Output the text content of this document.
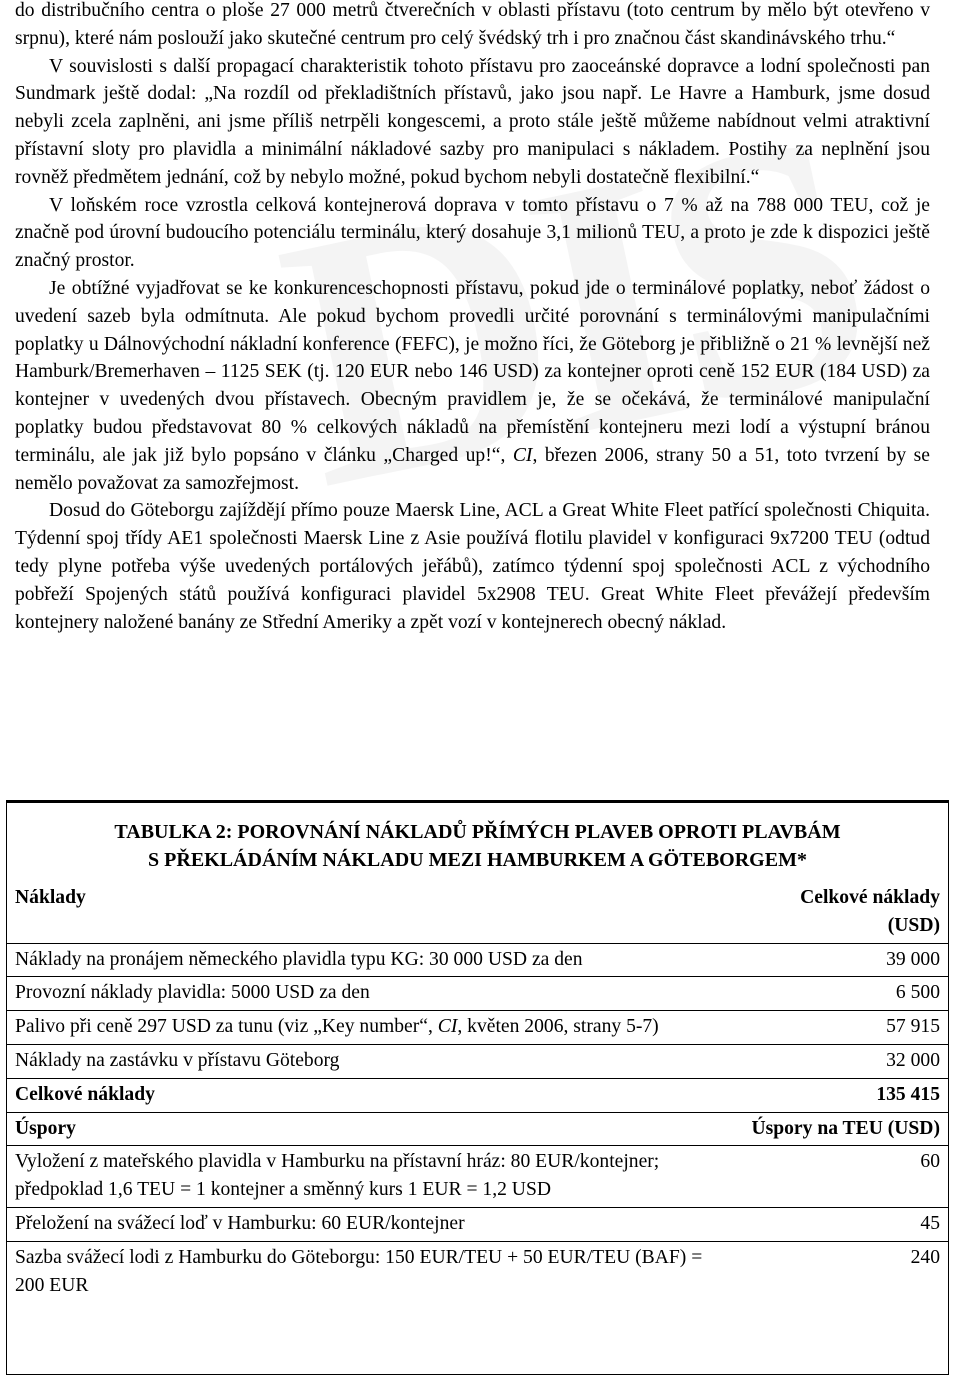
do distribučního centra o ploše 27 000 metrů čtverečních v oblasti přístavu (toto centrum by mělo být otevřeno v srpnu), které nám poslouží jako skutečné centrum pro celý švédský trh i pro značnou část skandinávského trhu.“

V souvislosti s další propagací charakteristik tohoto přístavu pro zaoceánské dopravce a lodní společnosti pan Sundmark ještě dodal: „Na rozdíl od překladištních přístavů, jako jsou např. Le Havre a Hamburk, jsme dosud nebyli zcela zaplněni, ani jsme příliš netrpěli kongescemi, a proto stále ještě můžeme nabídnout velmi atraktivní přístavní sloty pro plavidla a minimální nákladové sazby pro manipulaci s nákladem. Postihy za neplnění jsou rovněž předmětem jednání, což by nebylo možné, pokud bychom nebyli dostatečně flexibilní.“

V loňském roce vzrostla celková kontejnerová doprava v tomto přístavu o 7 % až na 788 000 TEU, což je značně pod úrovní budoucího potenciálu terminálu, který dosahuje 3,1 milionů TEU, a proto je zde k dispozici ještě značný prostor.

Je obtížné vyjadřovat se ke konkurenceschopnosti přístavu, pokud jde o terminálové poplatky, neboť žádost o uvedení sazeb byla odmítnuta. Ale pokud bychom provedli určité porovnání s terminálovými manipulačními poplatky u Dálnovýchodní nákladní konference (FEFC), je možno říci, že Göteborg je přibližně o 21 % levnější než Hamburk/Bremerhaven – 1125 SEK (tj. 120 EUR nebo 146 USD) za kontejner oproti ceně 152 EUR (184 USD) za kontejner v uvedených dvou přístavech. Obecným pravidlem je, že se očekává, že terminálové manipulační poplatky budou představovat 80 % celkových nákladů na přemístění kontejneru mezi lodí a výstupní bránou terminálu, ale jak již bylo popsáno v článku „Charged up!“, CI, březen 2006, strany 50 a 51, toto tvrzení by se nemělo považovat za samozřejmost.

Dosud do Göteborgu zajíždějí přímo pouze Maersk Line, ACL a Great White Fleet patřící společnosti Chiquita. Týdenní spoj třídy AE1 společnosti Maersk Line z Asie používá flotilu plavidel v konfiguraci 9x7200 TEU (odtud tedy plyne potřeba výše uvedených portálových jeřábů), zatímco týdenní spoj společnosti ACL z východního pobřeží Spojených států používá konfiguraci plavidel 5x2908 TEU. Great White Fleet převážejí především kontejnery naložené banány ze Střední Ameriky a zpět vozí v kontejnerech obecný náklad.

TABULKA 2: POROVNÁNÍ NÁKLADŮ PŘÍMÝCH PLAVEB OPROTI PLAVBÁM
S PŘEKLÁDÁNÍM NÁKLADU MEZI HAMBURKEM A GÖTEBORGEM*
Náklady	Celkové náklady (USD)
Náklady na pronájem německého plavidla typu KG: 30 000 USD za den	39 000
Provozní náklady plavidla: 5000 USD za den	6 500
Palivo při ceně 297 USD za tunu (viz „Key number“, CI, květen 2006, strany 5-7)	57 915
Náklady na zastávku v přístavu Göteborg	32 000
Celkové náklady	135 415
Úspory	Úspory na TEU (USD)
Vyložení z mateřského plavidla v Hamburku na přístavní hráz: 80 EUR/kontejner;
předpoklad 1,6 TEU = 1 kontejner a směnný kurs 1 EUR = 1,2 USD	60
Přeložení na svážecí loď v Hamburku: 60 EUR/kontejner	45
Sazba svážecí lodi z Hamburku do Göteborgu: 150 EUR/TEU + 50 EUR/TEU (BAF) = 200 EUR	240
